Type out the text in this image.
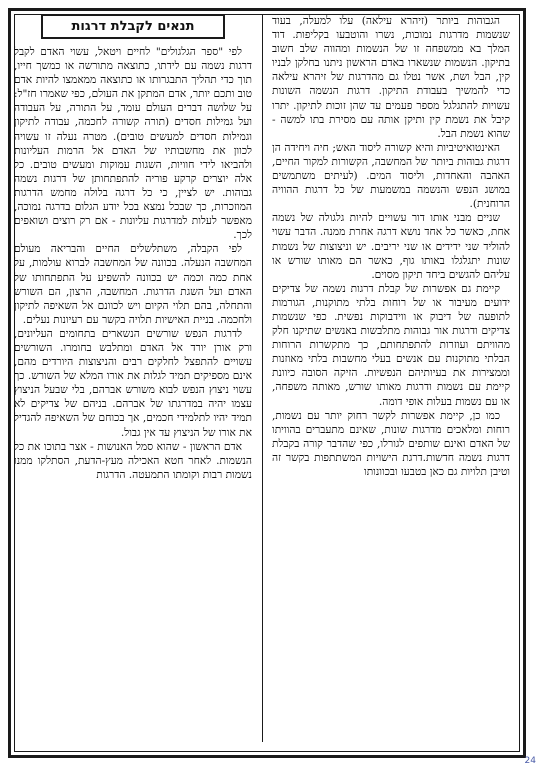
תנאים לקבלת דרגות

לפי "ספר הגלגולים" לחיים ויטאל, עשוי האדם לקבל דרגות נשמה עם לידתו, כתוצאה מתורשה או כמשך חייו, תוך כדי תהליך התבגרותו או כתוצאה ממאמצו להיות אדם טוב ותכם יותר, אדם המתקן את העולם, כפי שאמרו חז"ל: על שלושה דברים העולם עומד, על התורה, על העבודה ועל גמילות חסדים (תורה קשורה לחכמה, עבודה לתיקון וגמילות חסדים למעשים טובים). מטרה נעלה זו עשויה לכוון את מחשבותיו של האדם אל הרמות העליונות ולהביאו לידי חוויות, השגות עמוקות ומעשים טובים. כל אלה יוצרים קרקע פוריה להתפתחותן של דרגות נשמה גבוהות. יש לציין, כי כל דרגה בלולה מחמש הדרגות המוזכרות, כך שבכל נמצא בכל יודע הגלום בדרגה נמוכה, מאפשר לעלות למדרגות עליונות - אם רק רוצים ושואפים לכך.

לפי הקבלה, משתלשלים החיים והבריאה מעולם המחשבה הנעלה. בכוונה של המחשבה לברוא עולמות, על אחת כמה וכמה יש בכוונה להשפיע על התפתחותו של האדם ועל השגת הדרגות. המחשבה, הרצון, הם השורש והתחלה, בהם תלוי הקיום ויש לכוונם אל השאיפה לתיקון ולחכמה. בניית האישיות תלויה בקשר עם רעיונות נעלים.

לדרגות הנפש שורשים הנשארים בתחומים העליונים, ורק אורן יורד אל האדם ומתלבש בחומרו. השורשים עשויים להתפצל לחלקים רבים והניצוצות היורדים מהם, אינם מספיקים תמיד לגלות את אורו המלא של השורש. כך עשוי ניצוץ הנפש לבוא משורש אברהם, בלי שבעל הניצוץ עצמו יהיה במדרגתו של אברהם. בניהם של צדיקים לא תמיד יהיו לתלמידי חכמים, אך בכוחם של השאיפה להגדיל את אורו של הניצוץ עד אין גבול.

אדם הראשון - שהוא סמל האנושות - אצר בתוכו את כל הנשמות. לאחר חטא האכילה מעץ-הדעת, הסתלקו ממנו נשמות רבות וקומתו התמעטה. הדרגות

הגבוהות ביותר (זיהרא עילאה) עלו למעלה, בעוד שנשמות מדרגות נמוכות, נשרו והוטבעו בקליפות. דוד המלך בא ממשפחה זו של הנשמות ומהווה שלב חשוב בתיקון. הנשמות שנשארו באדם הראשון ניתנו בחלקן לבניו קין, הבל ושת, אשר נטלו גם מהדרגות של זיהרא עילאה כדי להמשיך בעבודת התיקון. דרגות הנשמה השונות עשויות להתגלגל מספר פעמים עד שהן זוכות לתיקון. יתרו קיבל את נשמת קין ותיקן אותה עם מסירת בתו למשה - שהוא נשמת הבל.

האינטואיטיביות והיא קשורה ליסוד האש; חיה ויחידה הן דרגות גבוהות ביותר של המחשבה, הקשורות למקור החיים, האהבה והאחדות, וליסוד המים. (לעיתים משתמשים במושג הנפש והנשמה במשמעות של כל דרגות ההוויה הרוחנית).

שניים מבני אותו דור עשויים להיות גלגולה של נשמה אחת, כאשר כל אחד נושא דרגה אחרת ממנה. הדבר עשוי להוליד שני ידידים או שני יריבים. יש וניצוצות של נשמות שונות יתגלגלו באותו גוף, כאשר הם מאותו שורש או עליהם להגשים ביחד תיקון מסוים.

קיימת גם אפשרות של קבלת דרגות נשמה של צדיקים ידועים מעיבור או של רוחות בלתי מתוקנות, הגורמות לתופעה של דיבוק או ווידבוקות נפשית. כפי שנשמות צדיקים ודרגות אור גבוהות מתלבשות באנשים שתיקנו חלק מהוויתם ועוזרות להתפתחותם, כך מתקשרות הרוחות הבלתי מתוקנות עם אנשים בעלי מחשבות בלתי מאוזנות וממצירות את בעיותיהם הנפשיות. הזיקה הסובה כיוונת קיימת עם נשמות ודרגות מאותו שורש, מאותה משפחה, או עם נשמות בעלות אופי דומה.

כמו כן, קיימת אפשרות לקשר רחוק יותר עם נשמות, רוחות ומלאכים מדרגות שונות, שאינם מתעברים בהוויתו של האדם ואינם שותפים לגורלו, כפי שהדבר קורה בקבלת דרגות נשמה חדשות.דרגת הישויות המשתתפות בקשר זה וטיבן תלויות גם כאן בטבעו ובכוונותו

24
